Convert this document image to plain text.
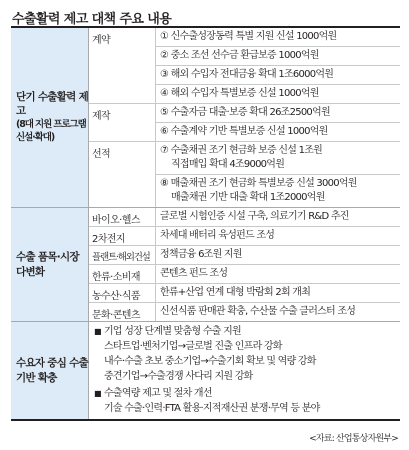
수출활력 제고 대책 주요 내용
단기 수출활력 제고
(8대 지원 프로그램 신설·확대)
계약	① 신수출성장동력 특별 지원 신설 1000억원
② 중소 조선 선수금 환급보증 1000억원
③ 해외 수입자 전대금융 확대 1조6000억원
④ 해외 수입자 특별보증 신설 1000억원
제작	⑤ 수출자금 대출·보증 확대 26조2500억원
⑥ 수출계약 기반 특별보증 신설 1000억원
선적	⑦ 수출채권 조기 현금화 보증 신설 1조원
직접매입 확대 4조9000억원
⑧ 매출채권 조기 현금화 특별보증 신설 3000억원
매출채권 기반 대출 확대 1조2000억원
수출 품목·시장 다변화
바이오·헬스	글로벌 시험인증 시설 구축, 의료기기 R&D 추진
2차전지	차세대 배터리 육성펀드 조성
플랜트·해외건설	정책금융 6조원 지원
한류·소비재	콘텐츠 펀드 조성
농수산·식품	한류+산업 연계 대형 박람회 2회 개최
문화·콘텐츠	신선식품 판매관 확충, 수산물 수출 클러스터 조성
수요자 중심 수출기반 확충
■ 기업 성장 단계별 맞춤형 수출 지원
스타트업·벤처기업→글로벌 진출 인프라 강화
내수·수출 초보 중소기업→수출기회 확보 및 역량 강화
중견기업→수출경쟁 사다리 지원 강화
■ 수출역량 제고 및 절차 개선
기술 수출·인력·FTA 활용·지적재산권 분쟁·무역 등 분야
<자료: 산업통상자원부>
